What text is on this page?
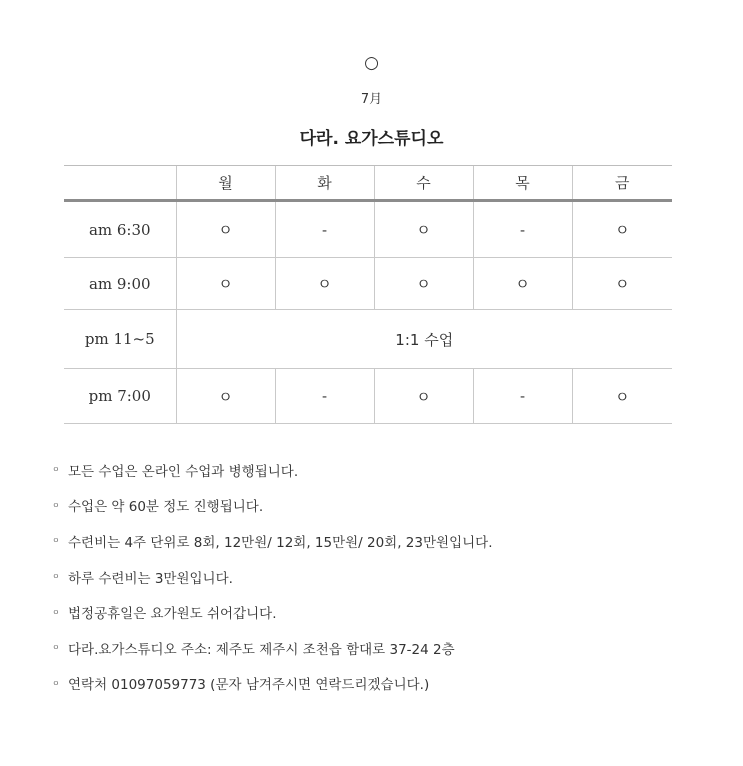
○
7月
다라. 요가스튜디오
	월	화	수	목	금
am 6:30	ㅇ	-	ㅇ	-	ㅇ
am 9:00	ㅇ	ㅇ	ㅇ	ㅇ	ㅇ
pm 11~5	1:1 수업				
pm 7:00	ㅇ	-	ㅇ	-	ㅇ
ㅇ 모든 수업은 온라인 수업과 병행됩니다.
ㅇ 수업은 약 60분 정도 진행됩니다.
ㅇ 수련비는 4주 단위로 8회, 12만원/ 12회, 15만원/ 20회, 23만원입니다.
ㅇ 하루 수련비는 3만원입니다.
ㅇ 법정공휴일은 요가원도 쉬어갑니다.
ㅇ 다라.요가스튜디오 주소: 제주도 제주시 조천읍 함대로 37-24 2층
ㅇ 연락처 01097059773 (문자 남겨주시면 연락드리겠습니다.)
